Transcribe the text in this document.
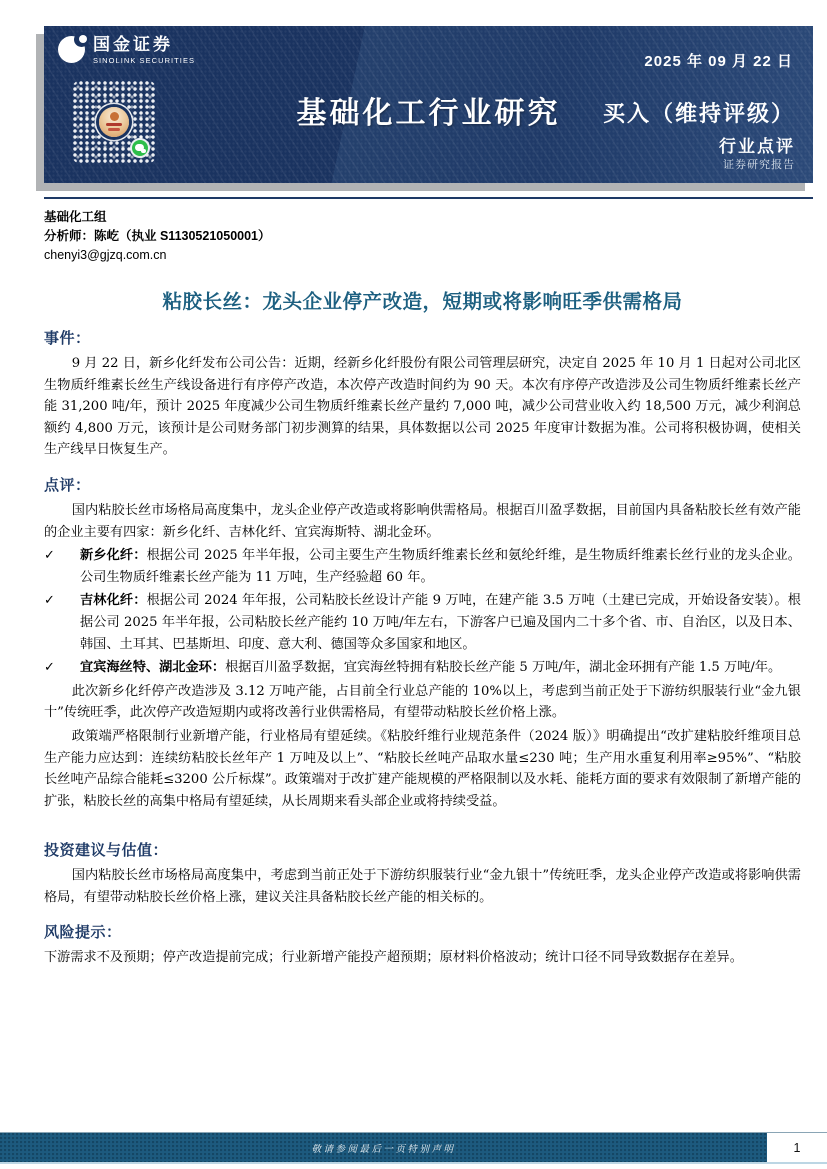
国金证券
SINOLINK SECURITIES	2025 年 09 月 22 日
基础化工行业研究	买入（维持评级）
行业点评
证券研究报告
基础化工组
分析师：陈屹（执业 S1130521050001）
chenyi3@gjzq.com.cn
粘胶长丝：龙头企业停产改造，短期或将影响旺季供需格局
事件：

9 月 22 日，新乡化纤发布公司公告：近期，经新乡化纤股份有限公司管理层研究，决定自 2025 年 10 月 1 日起对公司北区生物质纤维素长丝生产线设备进行有序停产改造，本次停产改造时间约为 90 天。本次有序停产改造涉及公司生物质纤维素长丝产能 31,200 吨/年，预计 2025 年度减少公司生物质纤维素长丝产量约 7,000 吨，减少公司营业收入约 18,500 万元，减少利润总额约 4,800 万元，该预计是公司财务部门初步测算的结果，具体数据以公司 2025 年度审计数据为准。公司将积极协调，使相关生产线早日恢复生产。

点评：

国内粘胶长丝市场格局高度集中，龙头企业停产改造或将影响供需格局。根据百川盈孚数据，目前国内具备粘胶长丝有效产能的企业主要有四家：新乡化纤、吉林化纤、宜宾海斯特、湖北金环。

✓	新乡化纤：根据公司 2025 年半年报，公司主要生产生物质纤维素长丝和氨纶纤维，是生物质纤维素长丝行业的龙头企业。公司生物质纤维素长丝产能为 11 万吨，生产经验超 60 年。
✓	吉林化纤：根据公司 2024 年年报，公司粘胶长丝设计产能 9 万吨，在建产能 3.5 万吨（土建已完成，开始设备安装）。根据公司 2025 年半年报，公司粘胶长丝产能约 10 万吨/年左右，下游客户已遍及国内二十多个省、市、自治区，以及日本、韩国、土耳其、巴基斯坦、印度、意大利、德国等众多国家和地区。
✓	宜宾海丝特、湖北金环：根据百川盈孚数据，宜宾海丝特拥有粘胶长丝产能 5 万吨/年，湖北金环拥有产能 1.5 万吨/年。

此次新乡化纤停产改造涉及 3.12 万吨产能，占目前全行业总产能的 10%以上，考虑到当前正处于下游纺织服装行业“金九银十”传统旺季，此次停产改造短期内或将改善行业供需格局，有望带动粘胶长丝价格上涨。

政策端严格限制行业新增产能，行业格局有望延续。《粘胶纤维行业规范条件（2024 版）》明确提出“改扩建粘胶纤维项目总生产能力应达到：连续纺粘胶长丝年产 1 万吨及以上”、“粘胶长丝吨产品取水量≤230 吨；生产用水重复利用率≥95%”、“粘胶长丝吨产品综合能耗≤3200 公斤标煤”。政策端对于改扩建产能规模的严格限制以及水耗、能耗方面的要求有效限制了新增产能的扩张，粘胶长丝的高集中格局有望延续，从长周期来看头部企业或将持续受益。

投资建议与估值：

国内粘胶长丝市场格局高度集中，考虑到当前正处于下游纺织服装行业“金九银十”传统旺季，龙头企业停产改造或将影响供需格局，有望带动粘胶长丝价格上涨，建议关注具备粘胶长丝产能的相关标的。

风险提示：

下游需求不及预期；停产改造提前完成；行业新增产能投产超预期；原材料价格波动；统计口径不同导致数据存在差异。

敬请参阅最后一页特别声明	1
